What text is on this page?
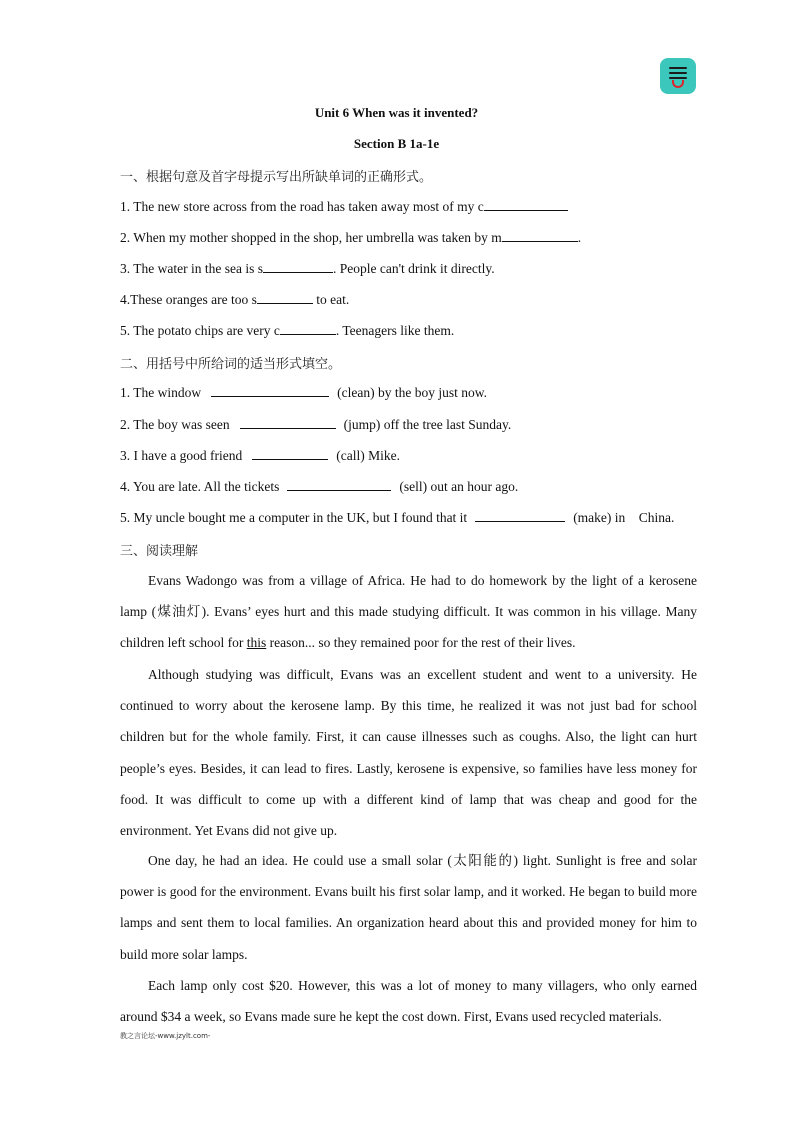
Unit 6 When was it invented?
Section B 1a-1e
一、根据句意及首字母提示写出所缺单词的正确形式。
1. The new store across from the road has taken away most of my c
2. When my mother shopped in the shop, her umbrella was taken by m	.
3. The water in the sea is s	. People can't drink it directly.
4.These oranges are too s	to eat.
5. The potato chips are very c	. Teenagers like them.
二、用括号中所给词的适当形式填空。
1. The window	(clean) by the boy just now.
2. The boy was seen	(jump) off the tree last Sunday.
3. I have a good friend	(call) Mike.
4. You are late. All the tickets	(sell) out an hour ago.
5. My uncle bought me a computer in the UK, but I found that it	(make) in    China.
三、阅读理解
Evans Wadongo was from a village of Africa. He had to do homework by the light of a kerosene lamp (煤油灯). Evans’ eyes hurt and this made studying difficult. It was common in his village. Many children left school for this reason... so they remained poor for the rest of their lives.
Although studying was difficult, Evans was an excellent student and went to a university. He continued to worry about the kerosene lamp. By this time, he realized it was not just bad for school children but for the whole family. First, it can cause illnesses such as coughs. Also, the light can hurt people’s eyes. Besides, it can lead to fires. Lastly, kerosene is expensive, so families have less money for food. It was difficult to come up with a different kind of lamp that was cheap and good for the environment. Yet Evans did not give up.
One day, he had an idea. He could use a small solar (太阳能的) light. Sunlight is free and solar power is good for the environment. Evans built his first solar lamp, and it worked. He began to build more lamps and sent them to local families. An organization heard about this and provided money for him to build more solar lamps.
Each lamp only cost $20. However, this was a lot of money to many villagers, who only earned around $34 a week, so Evans made sure he kept the cost down. First, Evans used recycled materials.
教之言论坛-www.jzylt.com-
